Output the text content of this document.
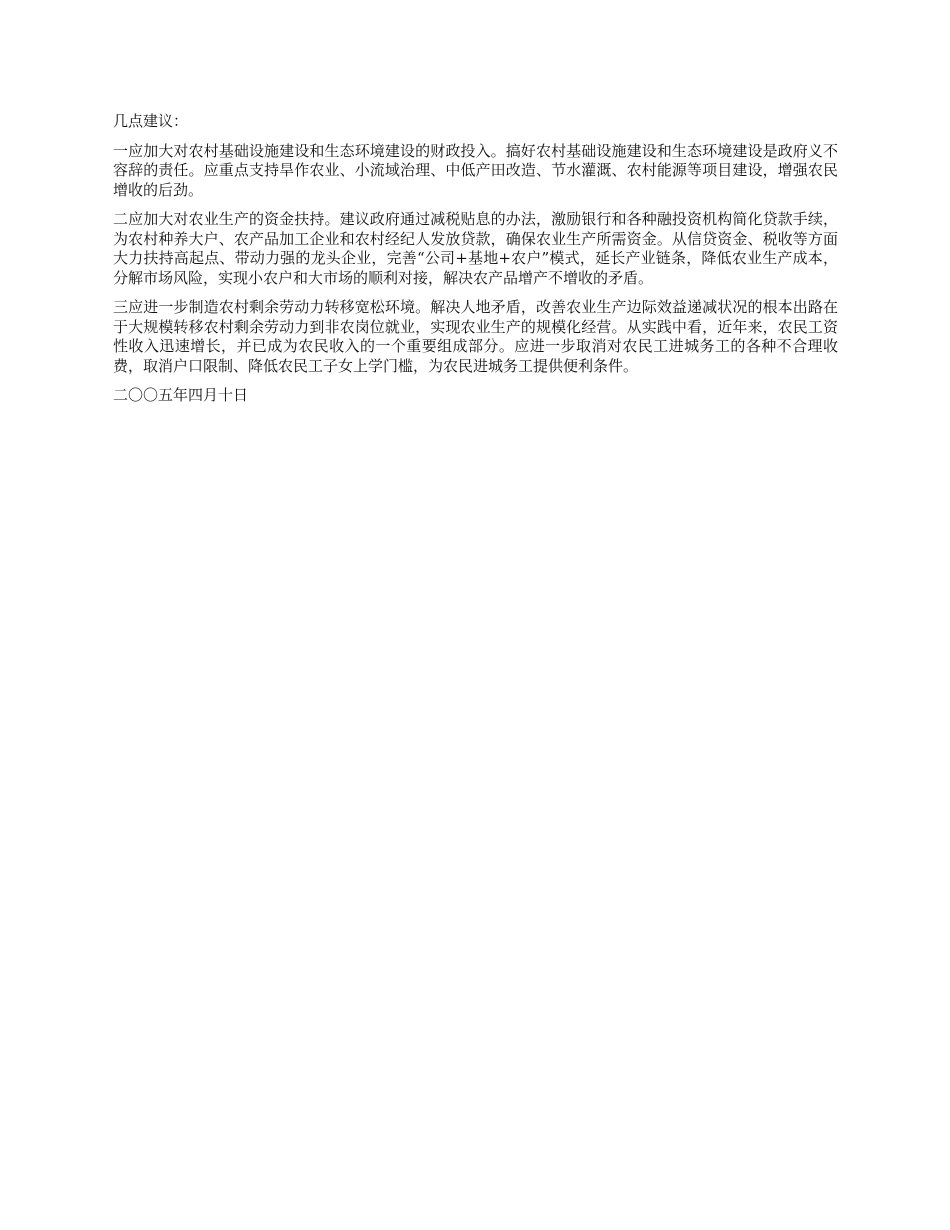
几点建议：

一应加大对农村基础设施建设和生态环境建设的财政投入。搞好农村基础设施建设和生态环境建设是政府义不容辞的责任。应重点支持旱作农业、小流域治理、中低产田改造、节水灌溉、农村能源等项目建设，增强农民增收的后劲。

二应加大对农业生产的资金扶持。建议政府通过减税贴息的办法，激励银行和各种融投资机构简化贷款手续，为农村种养大户、农产品加工企业和农村经纪人发放贷款，确保农业生产所需资金。从信贷资金、税收等方面大力扶持高起点、带动力强的龙头企业，完善“公司+基地+农户”模式，延长产业链条，降低农业生产成本，分解市场风险，实现小农户和大市场的顺利对接，解决农产品增产不增收的矛盾。

三应进一步制造农村剩余劳动力转移宽松环境。解决人地矛盾，改善农业生产边际效益递减状况的根本出路在于大规模转移农村剩余劳动力到非农岗位就业，实现农业生产的规模化经营。从实践中看，近年来，农民工资性收入迅速增长，并已成为农民收入的一个重要组成部分。应进一步取消对农民工进城务工的各种不合理收费，取消户口限制、降低农民工子女上学门槛，为农民进城务工提供便利条件。

二〇〇五年四月十日
